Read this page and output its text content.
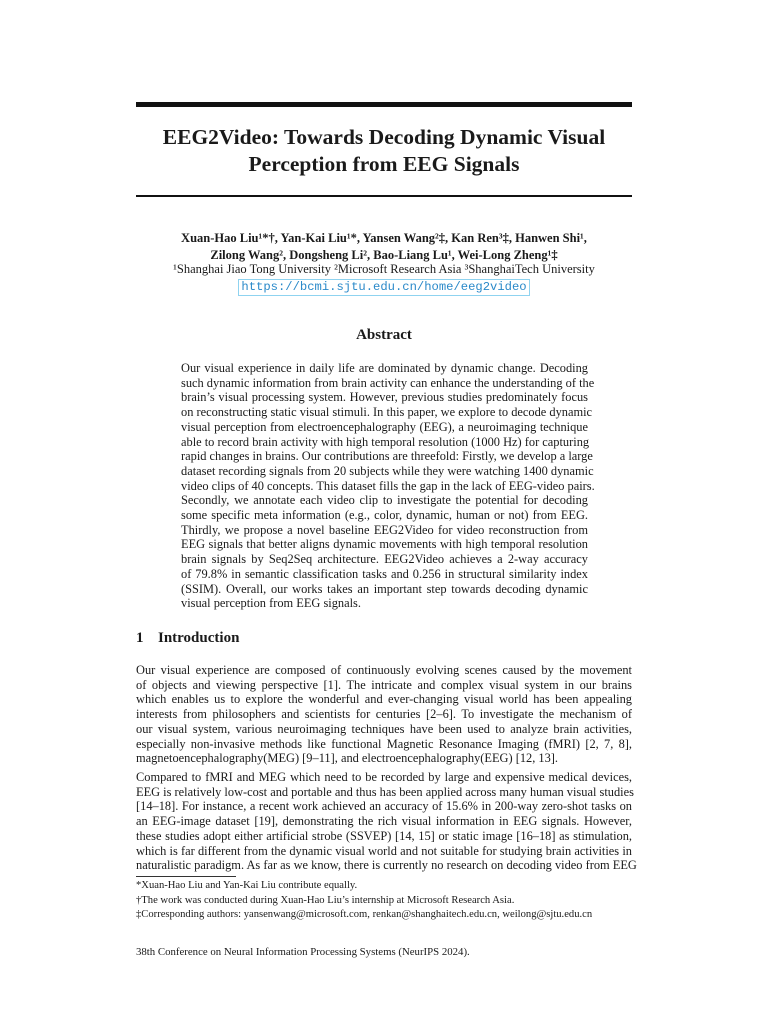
EEG2Video: Towards Decoding Dynamic Visual
Perception from EEG Signals
Xuan-Hao Liu¹*†, Yan-Kai Liu¹*, Yansen Wang²‡, Kan Ren³‡, Hanwen Shi¹,
Zilong Wang², Dongsheng Li², Bao-Liang Lu¹, Wei-Long Zheng¹‡
¹Shanghai Jiao Tong University ²Microsoft Research Asia ³ShanghaiTech University
https://bcmi.sjtu.edu.cn/home/eeg2video
Abstract
Our visual experience in daily life are dominated by dynamic change. Decoding
such dynamic information from brain activity can enhance the understanding of the
brain’s visual processing system. However, previous studies predominately focus
on reconstructing static visual stimuli. In this paper, we explore to decode dynamic
visual perception from electroencephalography (EEG), a neuroimaging technique
able to record brain activity with high temporal resolution (1000 Hz) for capturing
rapid changes in brains. Our contributions are threefold: Firstly, we develop a large
dataset recording signals from 20 subjects while they were watching 1400 dynamic
video clips of 40 concepts. This dataset fills the gap in the lack of EEG-video pairs.
Secondly, we annotate each video clip to investigate the potential for decoding
some specific meta information (e.g., color, dynamic, human or not) from EEG.
Thirdly, we propose a novel baseline EEG2Video for video reconstruction from
EEG signals that better aligns dynamic movements with high temporal resolution
brain signals by Seq2Seq architecture. EEG2Video achieves a 2-way accuracy
of 79.8% in semantic classification tasks and 0.256 in structural similarity index
(SSIM). Overall, our works takes an important step towards decoding dynamic
visual perception from EEG signals.
1 Introduction
Our visual experience are composed of continuously evolving scenes caused by the movement
of objects and viewing perspective [1]. The intricate and complex visual system in our brains
which enables us to explore the wonderful and ever-changing visual world has been appealing
interests from philosophers and scientists for centuries [2–6]. To investigate the mechanism of
our visual system, various neuroimaging techniques have been used to analyze brain activities,
especially non-invasive methods like functional Magnetic Resonance Imaging (fMRI) [2, 7, 8],
magnetoencephalography(MEG) [9–11], and electroencephalography(EEG) [12, 13].
Compared to fMRI and MEG which need to be recorded by large and expensive medical devices,
EEG is relatively low-cost and portable and thus has been applied across many human visual studies
[14–18]. For instance, a recent work achieved an accuracy of 15.6% in 200-way zero-shot tasks on
an EEG-image dataset [19], demonstrating the rich visual information in EEG signals. However,
these studies adopt either artificial strobe (SSVEP) [14, 15] or static image [16–18] as stimulation,
which is far different from the dynamic visual world and not suitable for studying brain activities in
naturalistic paradigm. As far as we know, there is currently no research on decoding video from EEG
*Xuan-Hao Liu and Yan-Kai Liu contribute equally.
†The work was conducted during Xuan-Hao Liu’s internship at Microsoft Research Asia.
‡Corresponding authors: yansenwang@microsoft.com, renkan@shanghaitech.edu.cn, weilong@sjtu.edu.cn
38th Conference on Neural Information Processing Systems (NeurIPS 2024).
